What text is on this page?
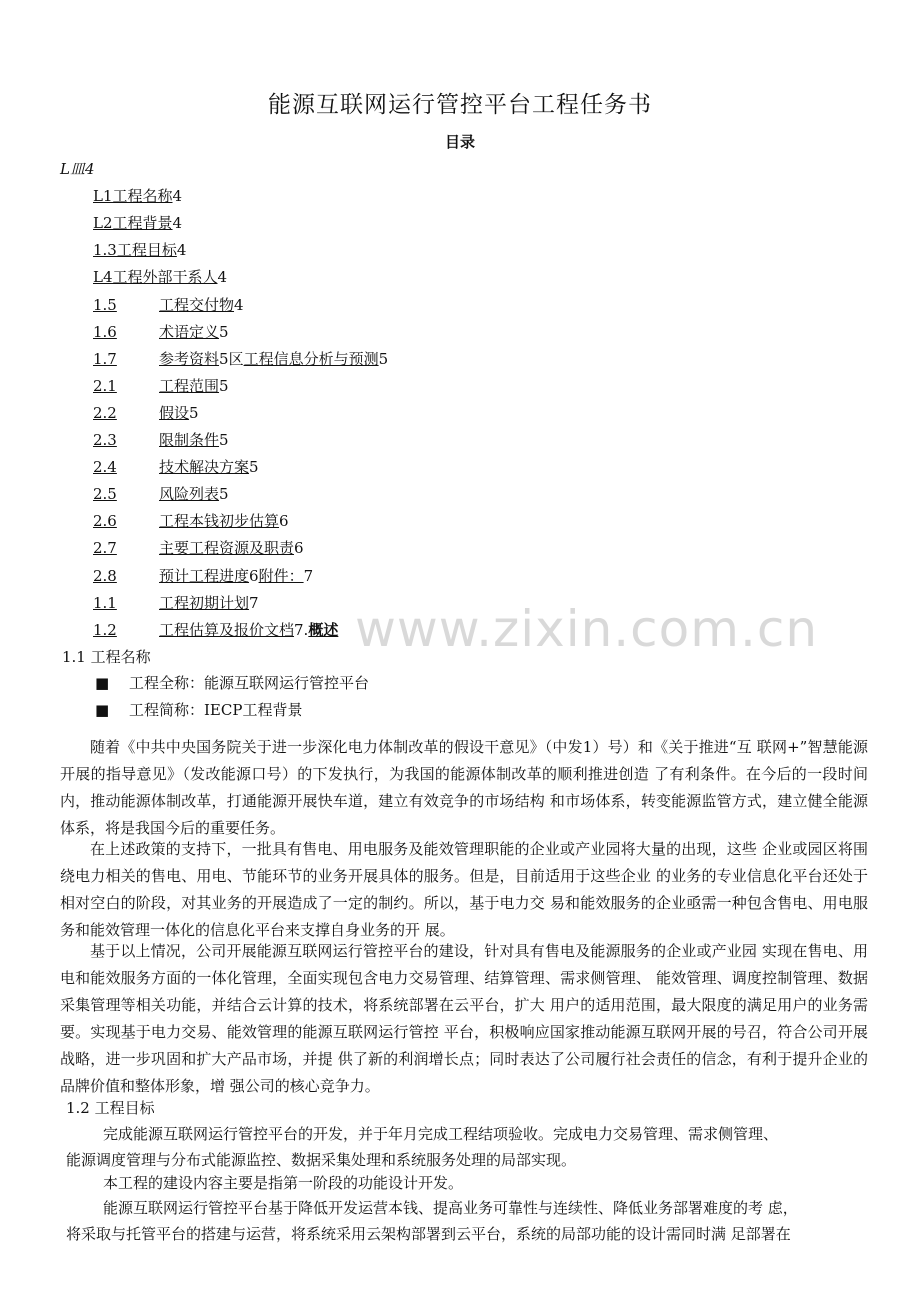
www.zixin.com.cn
能源互联网运行管控平台工程任务书
目录
L皿4
L1工程名称4
L2工程背景4
1.3工程目标4
L4工程外部干系人4
1.5	工程交付物4
1.6	术语定义5
1.7	参考资料5区工程信息分析与预测5
2.1	工程范围5
2.2	假设5
2.3	限制条件5
2.4	技术解决方案5
2.5	风险列表5
2.6	工程本钱初步估算6
2.7	主要工程资源及职责6
2.8	预计工程进度6附件：7
1.1	工程初期计划7
1.2	工程估算及报价文档7.概述
1.1 工程名称
■ 工程全称：能源互联网运行管控平台
■ 工程简称：IECP工程背景

随着《中共中央国务院关于进一步深化电力体制改革的假设干意见》（中发1）号）和《关于推进“互 联网+”智慧能源开展的指导意见》（发改能源口号）的下发执行，为我国的能源体制改革的顺利推进创造 了有利条件。在今后的一段时间内，推动能源体制改革，打通能源开展快车道，建立有效竞争的市场结构 和市场体系，转变能源监管方式，建立健全能源体系，将是我国今后的重要任务。

在上述政策的支持下，一批具有售电、用电服务及能效管理职能的企业或产业园将大量的出现，这些 企业或园区将围绕电力相关的售电、用电、节能环节的业务开展具体的服务。但是，目前适用于这些企业 的业务的专业信息化平台还处于相对空白的阶段，对其业务的开展造成了一定的制约。所以，基于电力交 易和能效服务的企业亟需一种包含售电、用电服务和能效管理一体化的信息化平台来支撑自身业务的开 展。

基于以上情况，公司开展能源互联网运行管控平台的建设，针对具有售电及能源服务的企业或产业园 实现在售电、用电和能效服务方面的一体化管理，全面实现包含电力交易管理、结算管理、需求侧管理、 能效管理、调度控制管理、数据采集管理等相关功能，并结合云计算的技术，将系统部署在云平台，扩大 用户的适用范围，最大限度的满足用户的业务需要。实现基于电力交易、能效管理的能源互联网运行管控 平台，积极响应国家推动能源互联网开展的号召，符合公司开展战略，进一步巩固和扩大产品市场，并提 供了新的利润增长点；同时表达了公司履行社会责任的信念，有利于提升企业的品牌价值和整体形象，增 强公司的核心竞争力。

1.2 工程目标
完成能源互联网运行管控平台的开发，并于年月完成工程结项验收。完成电力交易管理、需求侧管理、
能源调度管理与分布式能源监控、数据采集处理和系统服务处理的局部实现。
本工程的建设内容主要是指第一阶段的功能设计开发。
能源互联网运行管控平台基于降低开发运营本钱、提高业务可靠性与连续性、降低业务部署难度的考 虑，
将采取与托管平台的搭建与运营，将系统采用云架构部署到云平台，系统的局部功能的设计需同时满 足部署在
